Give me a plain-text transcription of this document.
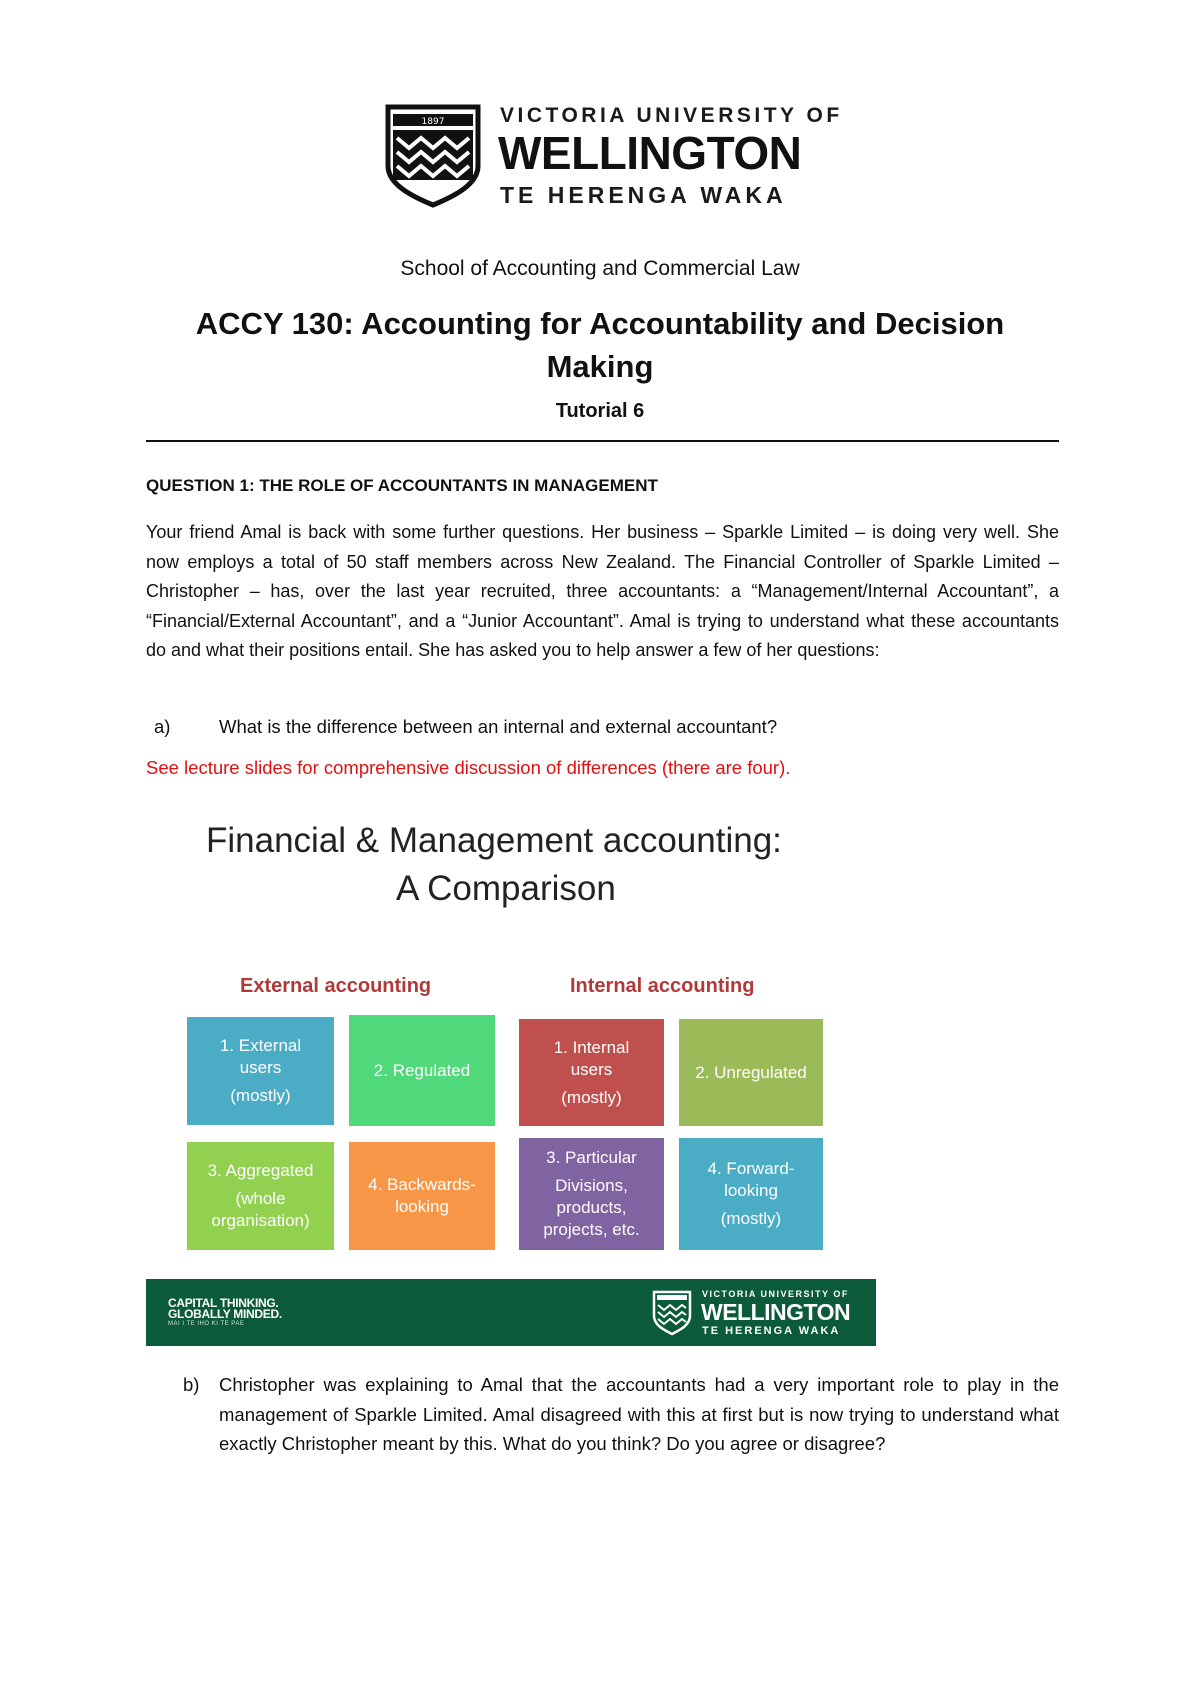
1897	VICTORIA UNIVERSITY OF
WELLINGTON
TE HERENGA WAKA
School of Accounting and Commercial Law
ACCY 130: Accounting for Accountability and Decision Making
Tutorial 6
QUESTION 1: THE ROLE OF ACCOUNTANTS IN MANAGEMENT
Your friend Amal is back with some further questions. Her business – Sparkle Limited – is doing very well. She now employs a total of 50 staff members across New Zealand. The Financial Controller of Sparkle Limited – Christopher – has, over the last year recruited, three accountants: a “Management/Internal Accountant”, a “Financial/External Accountant”, and a “Junior Accountant”. Amal is trying to understand what these accountants do and what their positions entail. She has asked you to help answer a few of her questions:
a)	What is the difference between an internal and external accountant?
See lecture slides for comprehensive discussion of differences (there are four).
Financial & Management accounting:
A Comparison
External accounting	Internal accounting
1. External
users
(mostly)
2. Regulated
3. Aggregated
(whole
organisation)
4. Backwards-
looking
1. Internal
users
(mostly)
2. Unregulated
3. Particular
Divisions,
products,
projects, etc.
4. Forward-
looking
(mostly)
CAPITAL THINKING.
GLOBALLY MINDED.
MAI I TE IHO KI TE PAE
VICTORIA UNIVERSITY OF
WELLINGTON
TE HERENGA WAKA
b) Christopher was explaining to Amal that the accountants had a very important role to play in the management of Sparkle Limited. Amal disagreed with this at first but is now trying to understand what exactly Christopher meant by this. What do you think? Do you agree or disagree?
